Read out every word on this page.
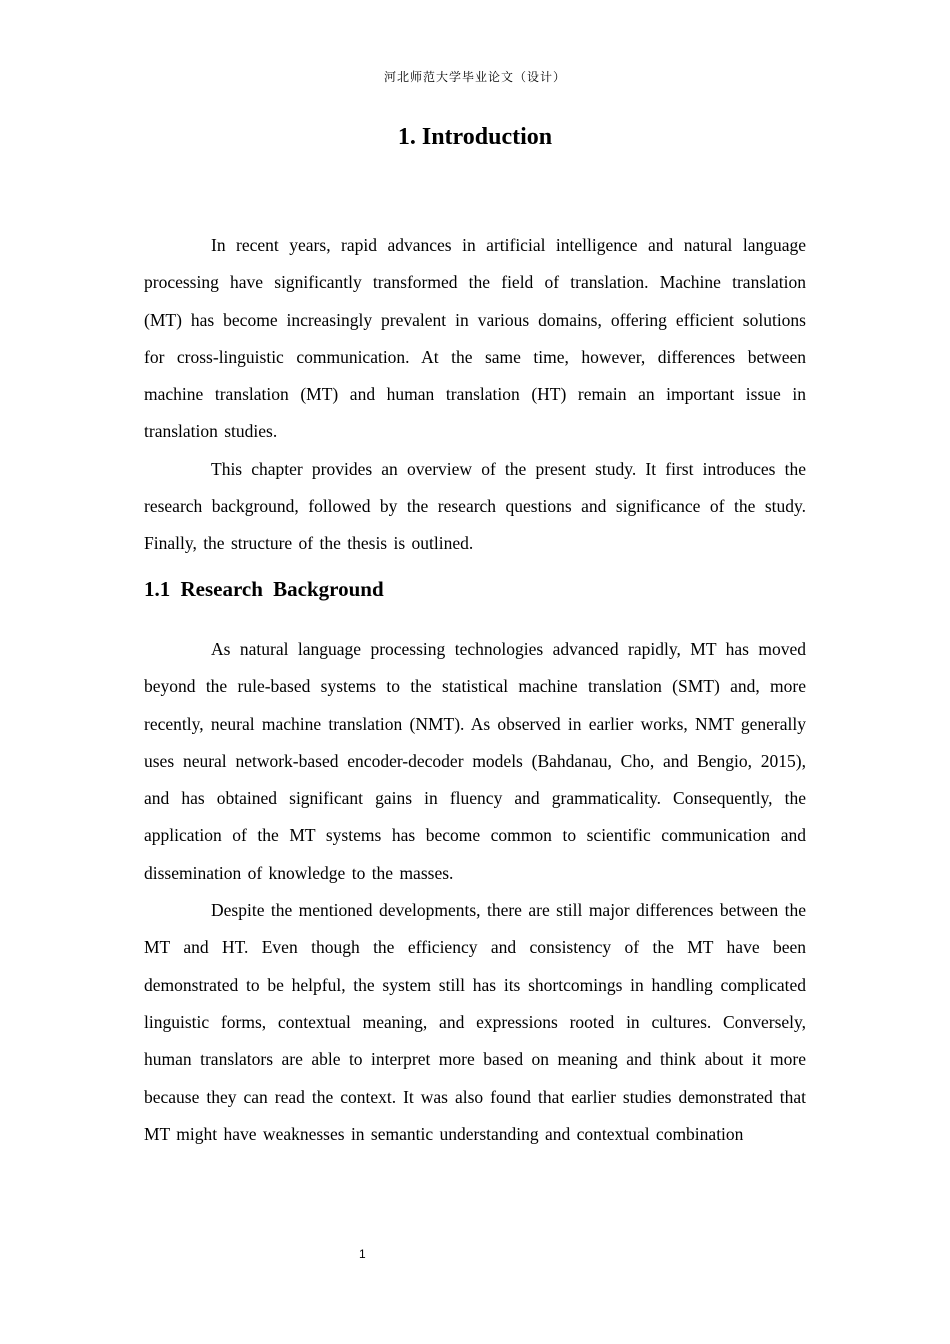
河北师范大学毕业论文（设计）
1. Introduction

In recent years, rapid advances in artificial intelligence and natural language processing have significantly transformed the field of translation. Machine translation (MT) has become increasingly prevalent in various domains, offering efficient solutions for cross-linguistic communication. At the same time, however, differences between machine translation (MT) and human translation (HT) remain an important issue in translation studies.

This chapter provides an overview of the present study. It first introduces the research background, followed by the research questions and significance of the study. Finally, the structure of the thesis is outlined.

1.1 Research Background

As natural language processing technologies advanced rapidly, MT has moved beyond the rule-based systems to the statistical machine translation (SMT) and, more recently, neural machine translation (NMT). As observed in earlier works, NMT generally uses neural network-based encoder-decoder models (Bahdanau, Cho, and Bengio, 2015), and has obtained significant gains in fluency and grammaticality. Consequently, the application of the MT systems has become common to scientific communication and dissemination of knowledge to the masses.

Despite the mentioned developments, there are still major differences between the MT and HT. Even though the efficiency and consistency of the MT have been demonstrated to be helpful, the system still has its shortcomings in handling complicated linguistic forms, contextual meaning, and expressions rooted in cultures. Conversely, human translators are able to interpret more based on meaning and think about it more because they can read the context. It was also found that earlier studies demonstrated that MT might have weaknesses in semantic understanding and contextual combination

1
